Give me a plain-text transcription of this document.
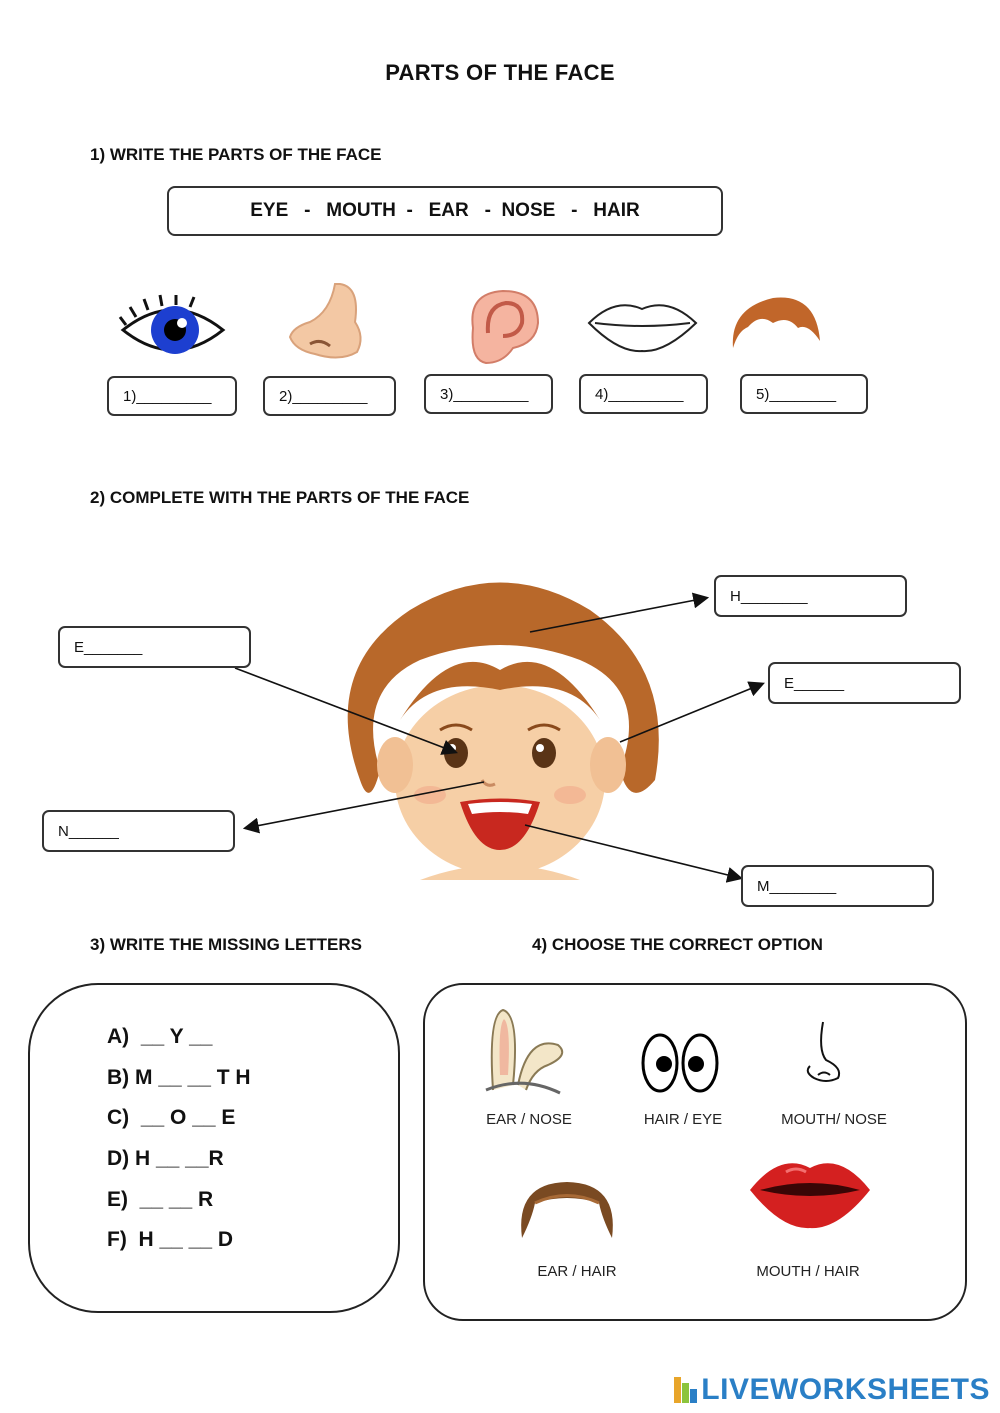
PARTS OF THE FACE
1) WRITE THE PARTS OF THE FACE
EYE   -   MOUTH  -   EAR   -  NOSE   -   HAIR
1)_________	2)_________	3)_________	4)_________	5)________
2) COMPLETE WITH THE PARTS OF THE FACE
H________
E_______
E______
N______
M________
3) WRITE THE MISSING LETTERS
A)  __ Y __
B) M __ __ T H
C)  __ O __ E
D) H __ __R
E)  __ __ R
F)  H __ __ D
4) CHOOSE THE CORRECT OPTION
EAR / NOSE	HAIR / EYE	MOUTH/ NOSE
EAR / HAIR	MOUTH / HAIR
LIVEWORKSHEETS
